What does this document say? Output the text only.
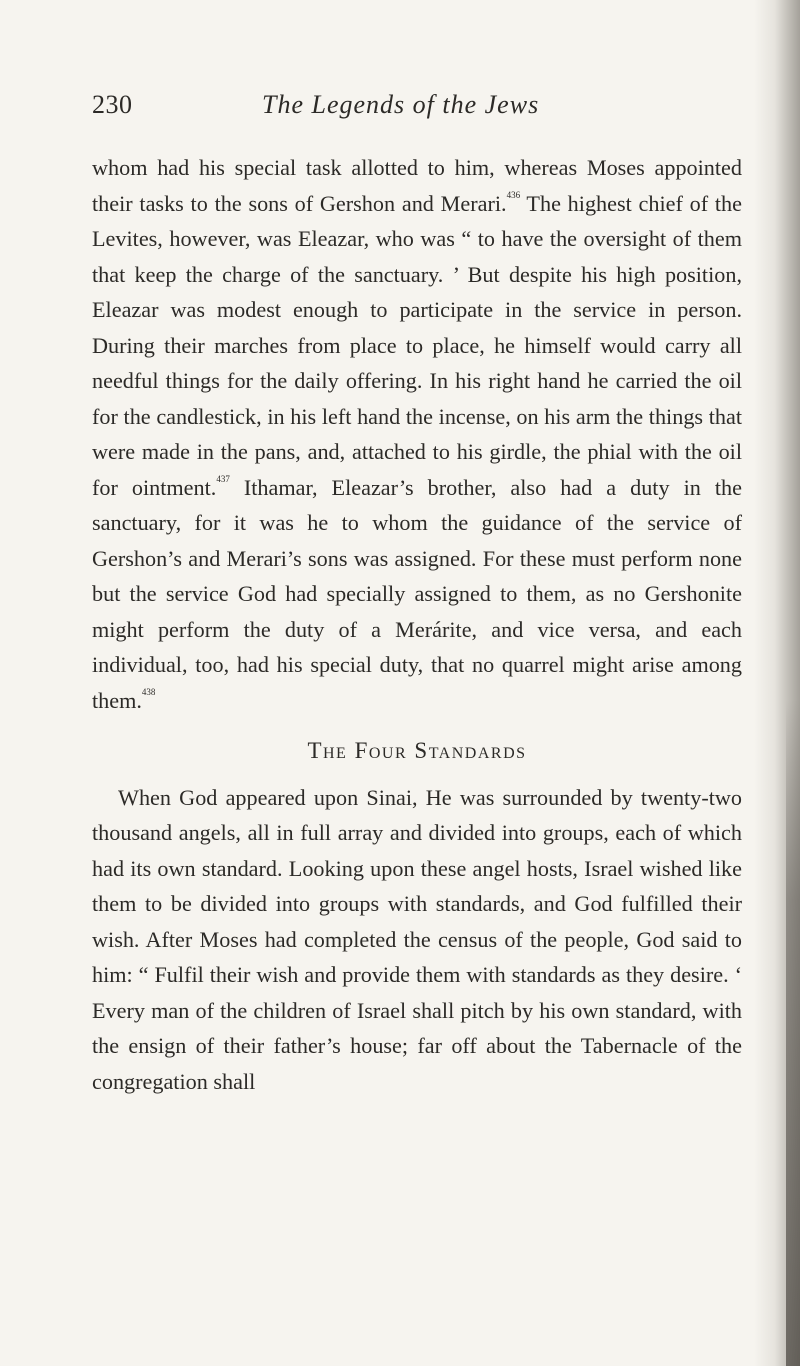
230	The Legends of the Jews

whom had his special task allotted to him, whereas Moses appointed their tasks to the sons of Gershon and Merari.$^{436}$ The highest chief of the Levites, however, was Eleazar, who was “ to have the oversight of them that keep the charge of the sanctuary. ’ But despite his high position, Eleazar was modest enough to participate in the service in person. During their marches from place to place, he himself would carry all needful things for the daily offering. In his right hand he carried the oil for the candlestick, in his left hand the incense, on his arm the things that were made in the pans, and, attached to his girdle, the phial with the oil for ointment.$^{437}$ Ithamar, Eleazar’s brother, also had a duty in the sanctuary, for it was he to whom the guidance of the service of Gershon’s and Merari’s sons was assigned. For these must perform none but the service God had specially assigned to them, as no Gershonite might perform the duty of a Merárite, and vice versa, and each individual, too, had his special duty, that no quarrel might arise among them.$^{438}$

The Four Standards

When God appeared upon Sinai, He was surrounded by twenty-two thousand angels, all in full array and divided into groups, each of which had its own standard. Looking upon these angel hosts, Israel wished like them to be divided into groups with standards, and God fulfilled their wish. After Moses had completed the census of the people, God said to him: “ Fulfil their wish and provide them with standards as they desire. ‘ Every man of the children of Israel shall pitch by his own standard, with the ensign of their father’s house; far off about the Tabernacle of the congregation shall
